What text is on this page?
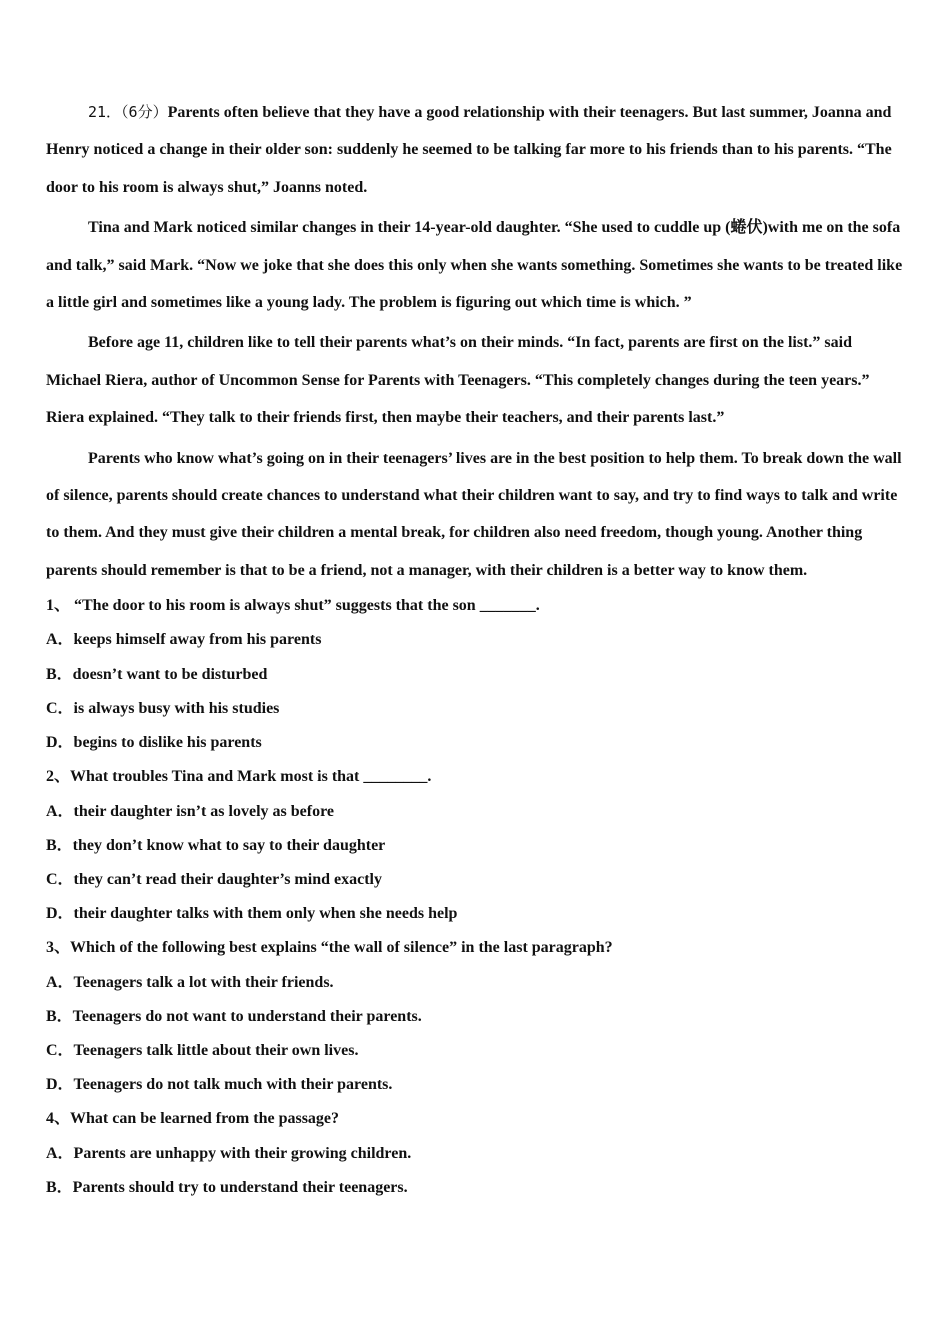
21．（6分）Parents often believe that they have a good relationship with their teenagers. But last summer, Joanna and Henry noticed a change in their older son: suddenly he seemed to be talking far more to his friends than to his parents. “The door to his room is always shut,” Joanns noted.

Tina and Mark noticed similar changes in their 14-year-old daughter. “She used to cuddle up (蜷伏)with me on the sofa and talk,” said Mark. “Now we joke that she does this only when she wants something. Sometimes she wants to be treated like a little girl and sometimes like a young lady. The problem is figuring out which time is which. ”

Before age 11, children like to tell their parents what’s on their minds. “In fact, parents are first on the list.” said Michael Riera, author of Uncommon Sense for Parents with Teenagers. “This completely changes during the teen years.” Riera explained. “They talk to their friends first, then maybe their teachers, and their parents last.”

Parents who know what’s going on in their teenagers’ lives are in the best position to help them. To break down the wall of silence, parents should create chances to understand what their children want to say, and try to find ways to talk and write to them. And they must give their children a mental break, for children also need freedom, though young. Another thing parents should remember is that to be a friend, not a manager, with their children is a better way to know them.

1、 “The door to his room is always shut” suggests that the son _______.

A．keeps himself away from his parents

B．doesn’t want to be disturbed

C．is always busy with his studies

D．begins to dislike his parents

2、What troubles Tina and Mark most is that ________.

A．their daughter isn’t as lovely as before

B．they don’t know what to say to their daughter

C．they can’t read their daughter’s mind exactly

D．their daughter talks with them only when she needs help

3、Which of the following best explains “the wall of silence” in the last paragraph?

A．Teenagers talk a lot with their friends.

B．Teenagers do not want to understand their parents.

C．Teenagers talk little about their own lives.

D．Teenagers do not talk much with their parents.

4、What can be learned from the passage?

A．Parents are unhappy with their growing children.

B．Parents should try to understand their teenagers.
